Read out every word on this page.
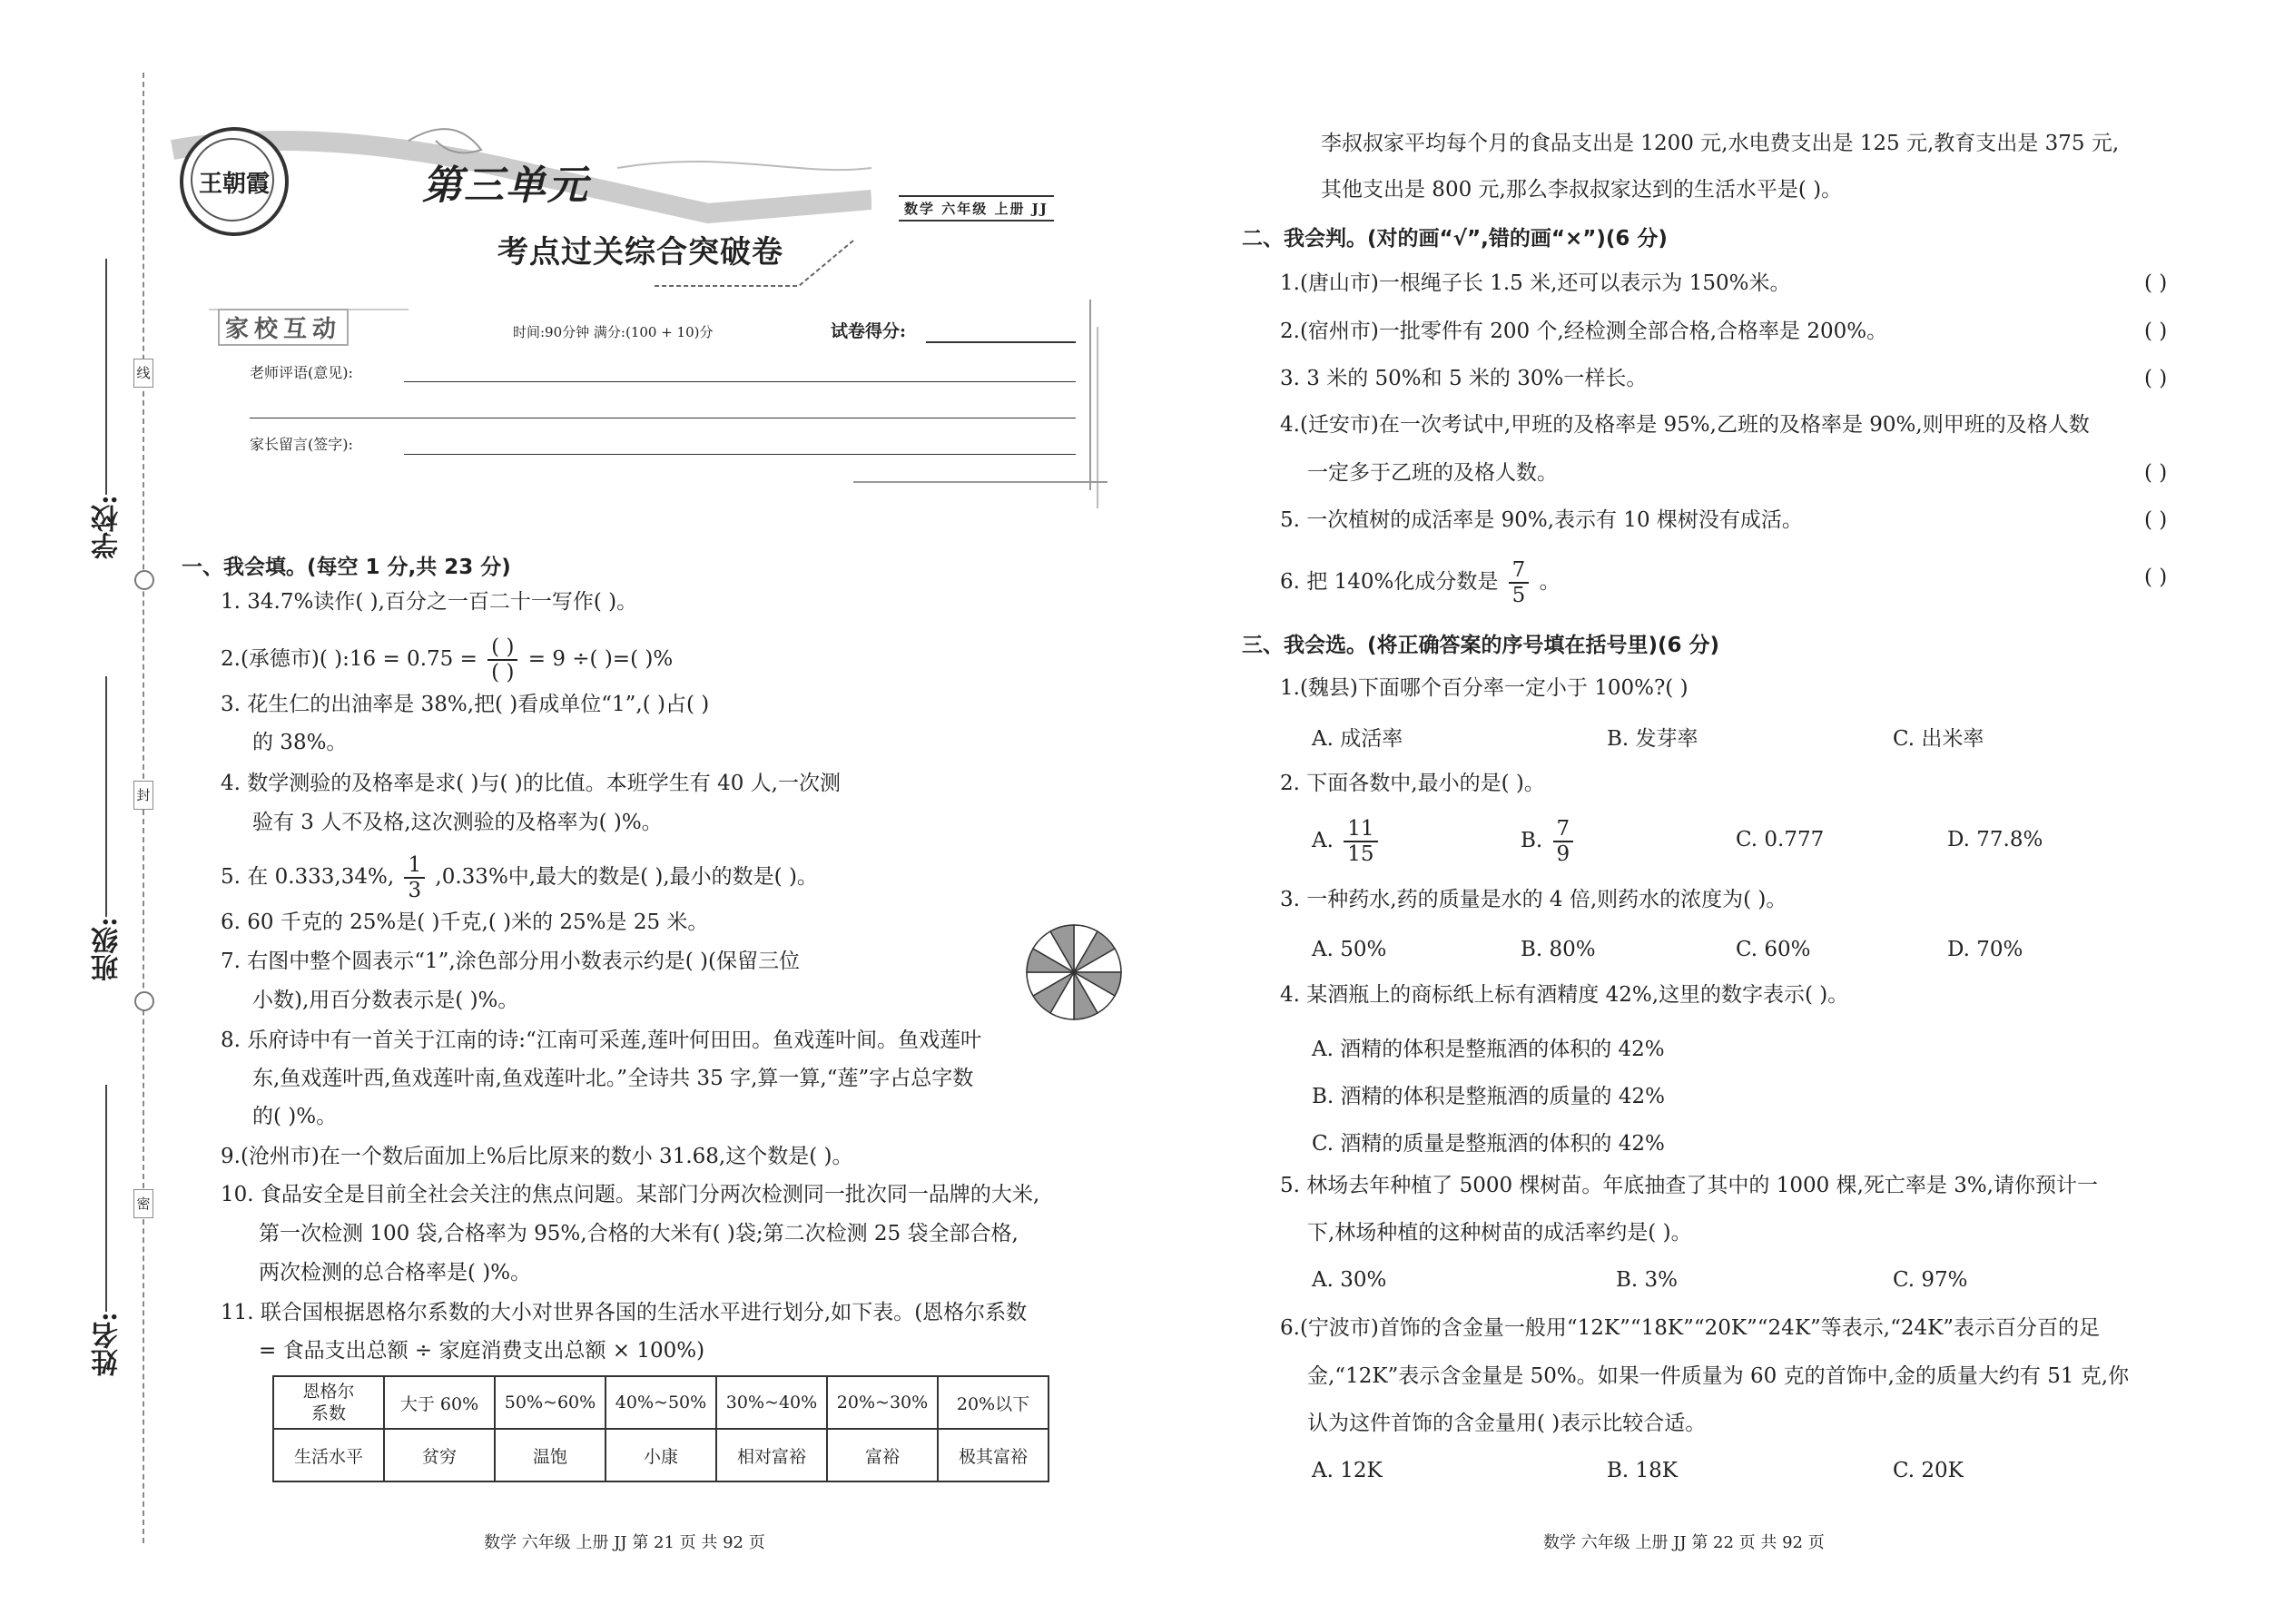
线
封
密
学校:
班级:
姓名:
王朝霞	第三单元
考点过关综合突破卷
数学 六年级 上册 JJ
家校互动	时间:90分钟 满分:(100 + 10)分	试卷得分:
老师评语(意见):
家长留言(签字):
一、我会填。(每空 1 分,共 23 分)
1. 34.7%读作( ),百分之一百二十一写作( )。
2.(承德市)( ):16 = $0.75 = \frac{( )}{( )} = 9$ ÷( )=( )%
3. 花生仁的出油率是 38%,把( )看成单位“1”,( )占( )
的 38%。
4. 数学测验的及格率是求( )与( )的比值。本班学生有 40 人,一次测
验有 3 人不及格,这次测验的及格率为( )%。
5. 在 0.333,34%, $\frac{1}{3} ,0.33\%$中,最大的数是( ),最小的数是( )。
6. 60 千克的 25%是( )千克,( )米的 25%是 25 米。
7. 右图中整个圆表示“1”,涂色部分用小数表示约是( )(保留三位
小数),用百分数表示是( )%。
8. 乐府诗中有一首关于江南的诗:“江南可采莲,莲叶何田田。鱼戏莲叶间。鱼戏莲叶
东,鱼戏莲叶西,鱼戏莲叶南,鱼戏莲叶北。”全诗共 35 字,算一算,“莲”字占总字数
的( )%。
9.(沧州市)在一个数后面加上%后比原来的数小 31.68,这个数是( )。
10. 食品安全是目前全社会关注的焦点问题。某部门分两次检测同一批次同一品牌的大米,
第一次检测 100 袋,合格率为 95%,合格的大米有( )袋;第二次检测 25 袋全部合格,
两次检测的总合格率是( )%。
11. 联合国根据恩格尔系数的大小对世界各国的生活水平进行划分,如下表。(恩格尔系数
= 食品支出总额 ÷ 家庭消费支出总额 × 100%)
恩格尔
系数	大于 60%	50%~60%	40%~50%	30%~40%	20%~30%	20%以下
生活水平	贫穷	温饱	小康	相对富裕	富裕	极其富裕
数学 六年级 上册 JJ 第 21 页 共 92 页
李叔叔家平均每个月的食品支出是 1200 元,水电费支出是 125 元,教育支出是 375 元,
其他支出是 800 元,那么李叔叔家达到的生活水平是( )。
二、我会判。(对的画“√”,错的画“×”)(6 分)
1.(唐山市)一根绳子长 1.5 米,还可以表示为 150%米。	( )
2.(宿州市)一批零件有 200 个,经检测全部合格,合格率是 200%。	( )
3. 3 米的 50%和 5 米的 30%一样长。	( )
4.(迁安市)在一次考试中,甲班的及格率是 95%,乙班的及格率是 90%,则甲班的及格人数
一定多于乙班的及格人数。	( )
5. 一次植树的成活率是 90%,表示有 10 棵树没有成活。	( )
6. 把 140%化成分数是 $\frac{7}{5}$ 。	( )
三、我会选。(将正确答案的序号填在括号里)(6 分)
1.(魏县)下面哪个百分率一定小于 100%?( )
A. 成活率	B. 发芽率	C. 出米率
2. 下面各数中,最小的是( )。
A. $\frac{11}{15}$	B. $\frac{7}{9}$	C. 0.777	D. 77.8%
3. 一种药水,药的质量是水的 4 倍,则药水的浓度为( )。
A. 50%	B. 80%	C. 60%	D. 70%
4. 某酒瓶上的商标纸上标有酒精度 42%,这里的数字表示( )。
A. 酒精的体积是整瓶酒的体积的 42%
B. 酒精的体积是整瓶酒的质量的 42%
C. 酒精的质量是整瓶酒的体积的 42%
5. 林场去年种植了 5000 棵树苗。年底抽查了其中的 1000 棵,死亡率是 3%,请你预计一
下,林场种植的这种树苗的成活率约是( )。
A. 30%	B. 3%	C. 97%
6.(宁波市)首饰的含金量一般用“12K”“18K”“20K”“24K”等表示,“24K”表示百分百的足
金,“12K”表示含金量是 50%。如果一件质量为 60 克的首饰中,金的质量大约有 51 克,你
认为这件首饰的含金量用( )表示比较合适。
A. 12K	B. 18K	C. 20K
数学 六年级 上册 JJ 第 22 页 共 92 页
